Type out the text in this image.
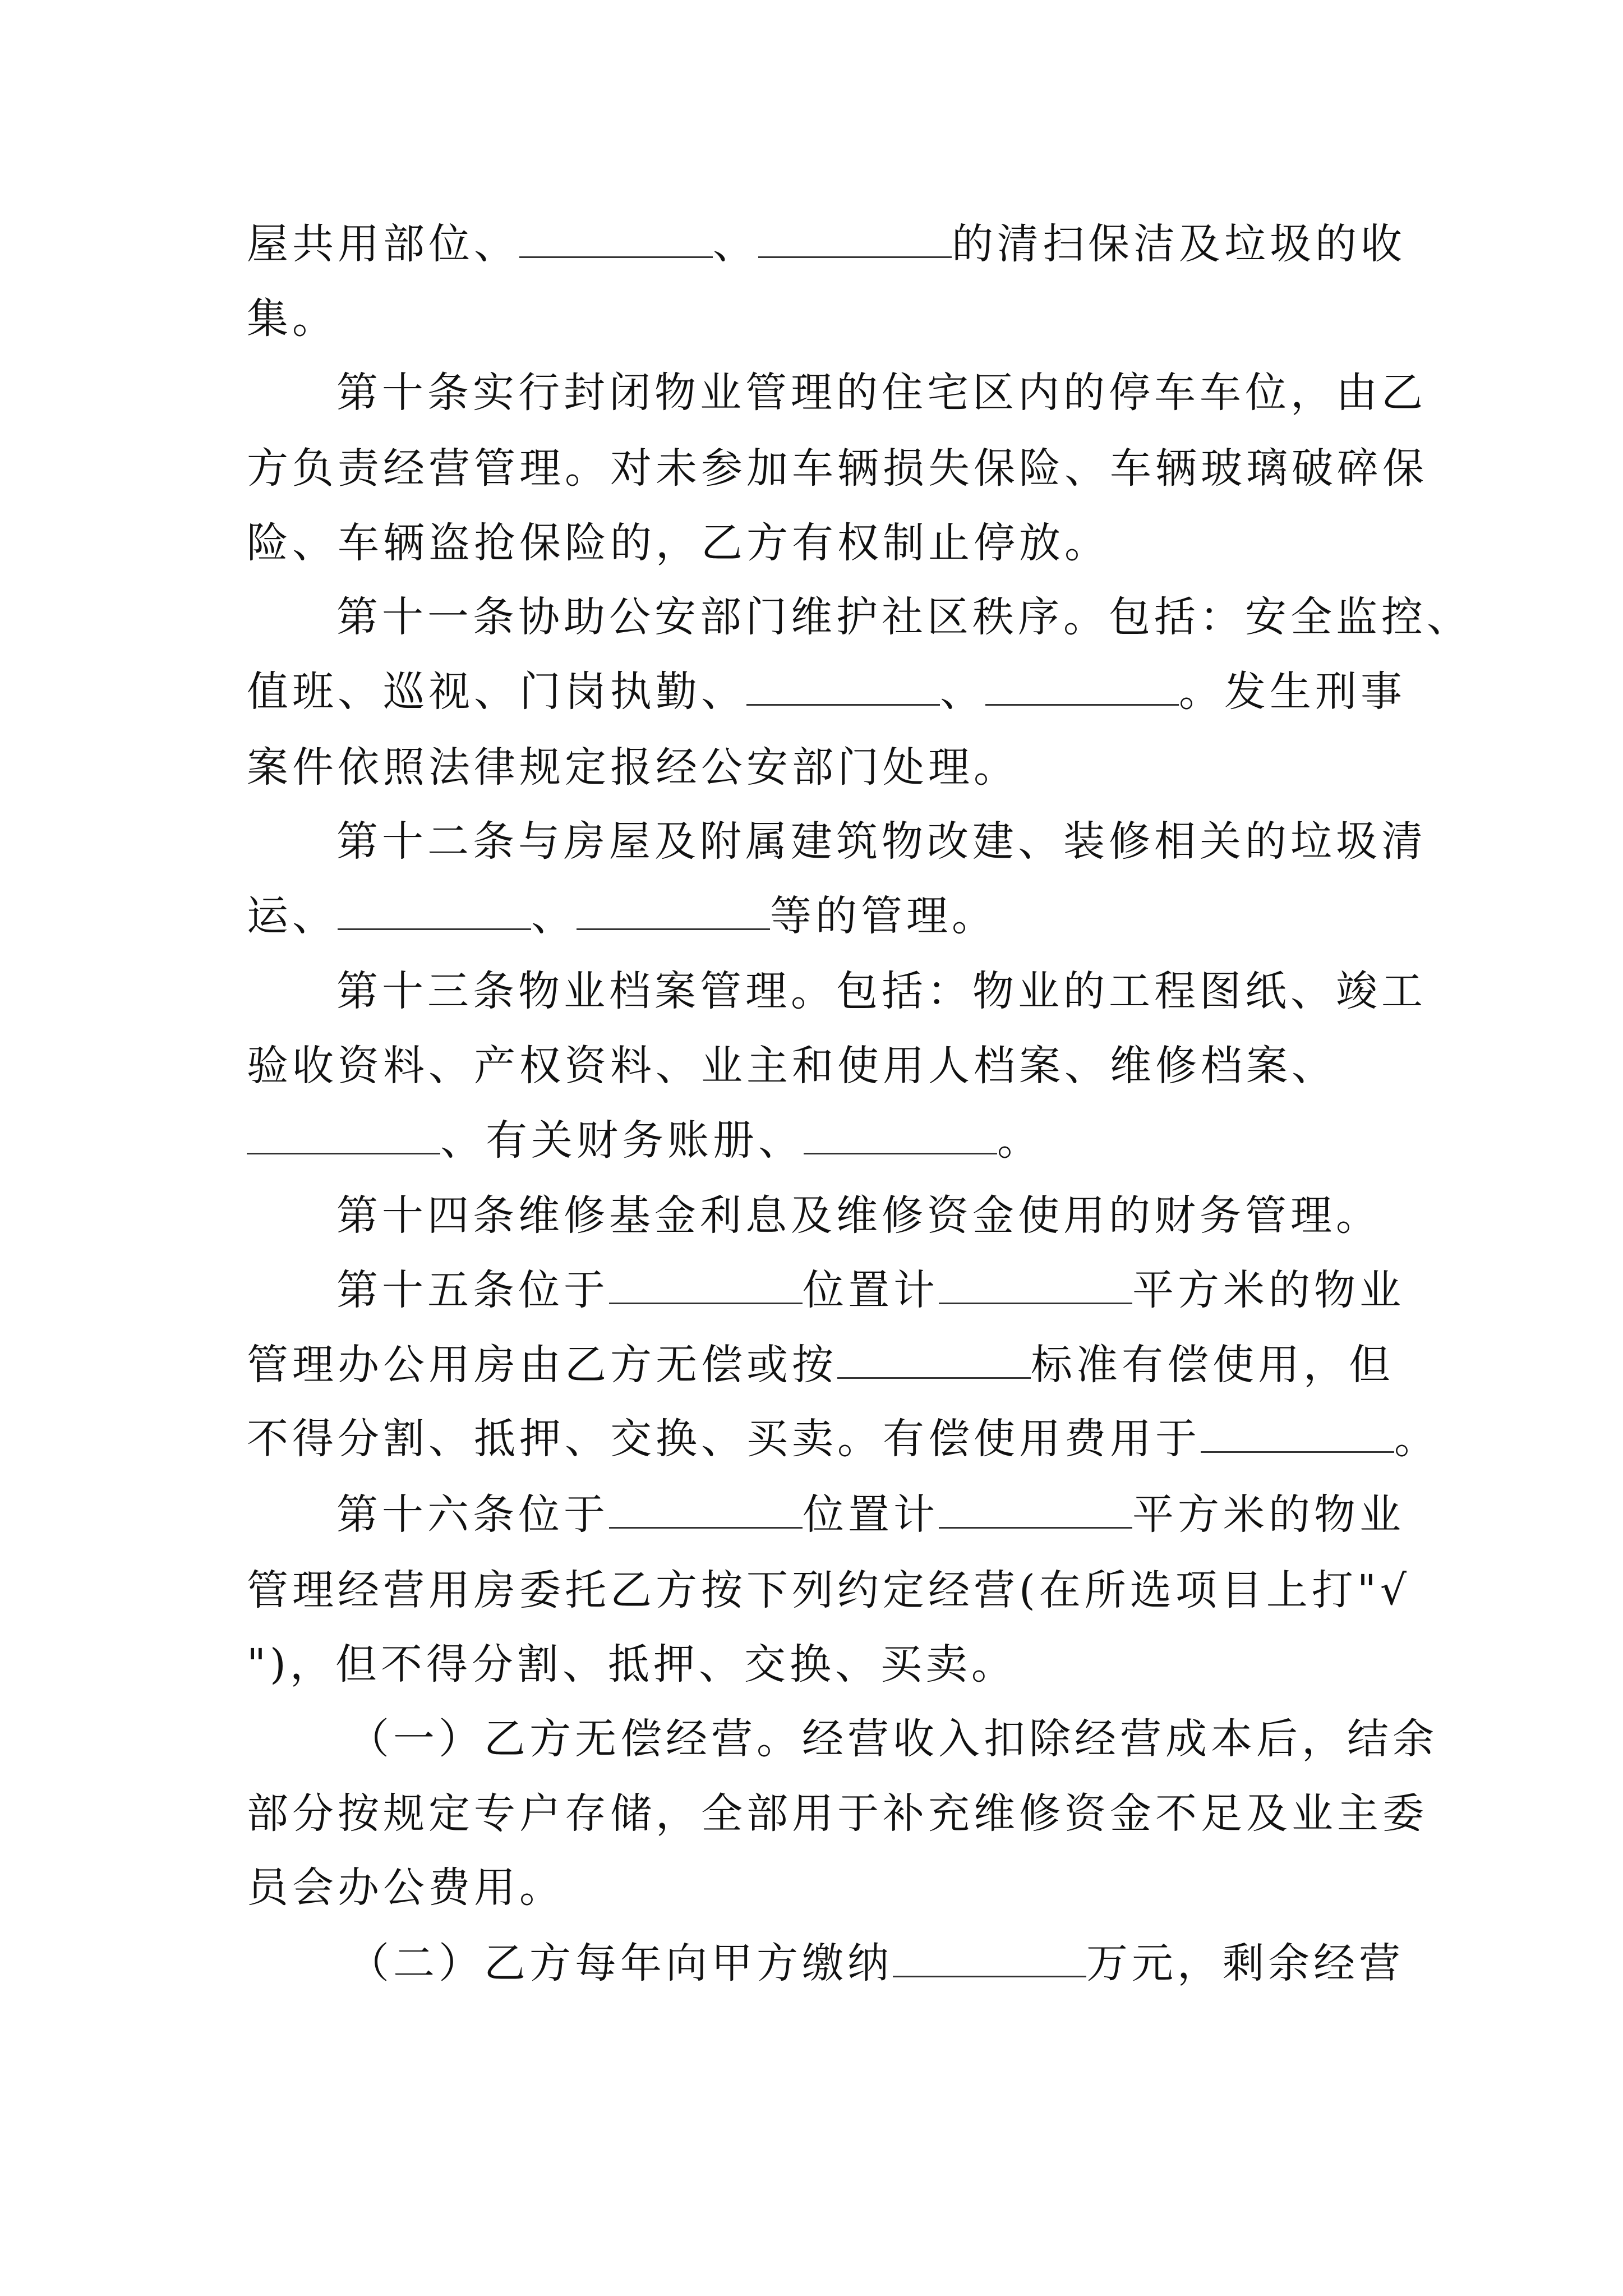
屋共用部位、	、	的清扫保洁及垃圾的收
集。
第十条实行封闭物业管理的住宅区内的停车车位，由乙
方负责经营管理。对未参加车辆损失保险、车辆玻璃破碎保
险、车辆盗抢保险的，乙方有权制止停放。
第十一条协助公安部门维护社区秩序。包括：安全监控、
值班、巡视、门岗执勤、	、	。发生刑事
案件依照法律规定报经公安部门处理。
第十二条与房屋及附属建筑物改建、装修相关的垃圾清
运、	、	等的管理。
第十三条物业档案管理。包括：物业的工程图纸、竣工
验收资料、产权资料、业主和使用人档案、维修档案、
、有关财务账册、	。
第十四条维修基金利息及维修资金使用的财务管理。
第十五条位于	位置计	平方米的物业
管理办公用房由乙方无偿或按	标准有偿使用，但
不得分割、抵押、交换、买卖。有偿使用费用于	。
第十六条位于	位置计	平方米的物业
管理经营用房委托乙方按下列约定经营(在所选项目上打"√
")，但不得分割、抵押、交换、买卖。
（一）乙方无偿经营。经营收入扣除经营成本后，结余
部分按规定专户存储，全部用于补充维修资金不足及业主委
员会办公费用。
（二）乙方每年向甲方缴纳	万元，剩余经营
